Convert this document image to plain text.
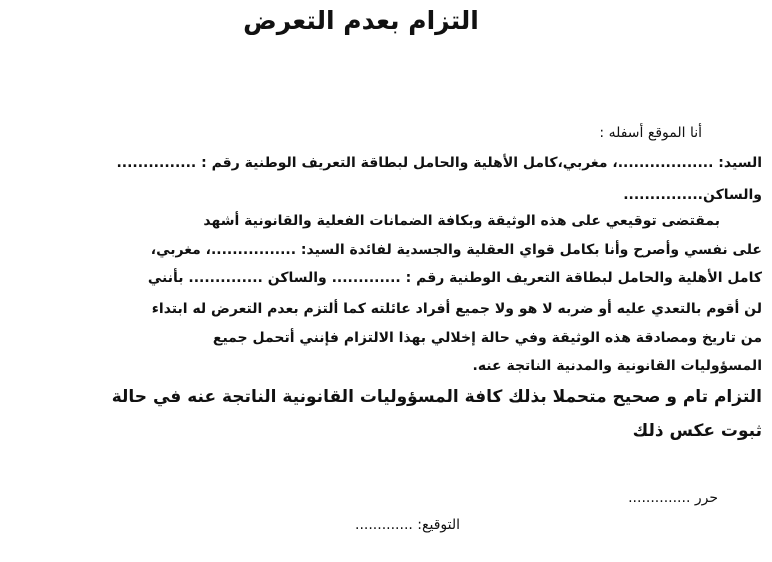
التزام بعدم التعرض
أنا الموقع أسفله :
السيد: ..................، مغربي،كامل الأهلية والحامل لبطاقة التعريف الوطنية رقم : ...............
والساكن...............
بمقتضى توقيعي على هذه الوثيقة وبكافة الضمانات الفعلية والقانونية أشهد
على نفسي وأصرح وأنا بكامل قواي العقلية والجسدية لفائدة السيد: ................، مغربي،
كامل الأهلية والحامل لبطاقة التعريف الوطنية رقم : ............. والساكن .............. بأنني
لن أقوم بالتعدي عليه أو ضربه لا هو ولا جميع أفراد عائلته كما ألتزم بعدم التعرض له ابتداء
من تاريخ ومصادقة هذه الوثيقة وفي حالة إخلالي بهذا الالتزام فإنني أتحمل جميع
المسؤوليات القانونية والمدنية الناتجة عنه.
التزام تام و صحيح متحملا بذلك كافة المسؤوليات القانونية الناتجة عنه في حالة
ثبوت عكس ذلك
حرر ..............
التوقيع: .............
